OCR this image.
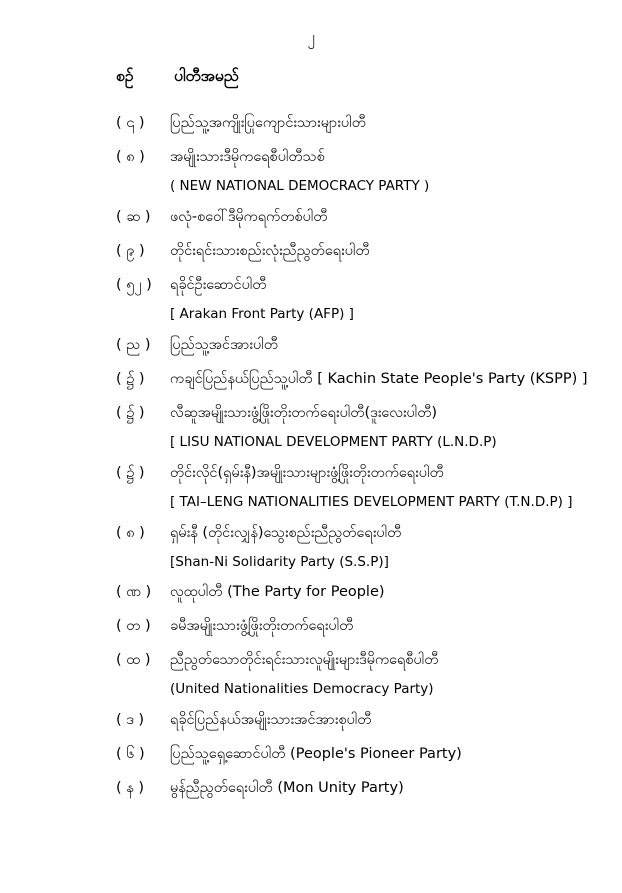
၂
စဉ်	ပါတီအမည်
( ၎ )	ပြည်သူ့အကျိုးပြုကျောင်းသားများပါတီ
( ၈ )	အမျိုးသားဒီမိုကရေစီပါတီသစ်
( NEW NATIONAL DEMOCRACY PARTY )
( ဆ )	ဖလုံ-စဝေါ်ဒီမိုကရက်တစ်ပါတီ
( ၉ )	တိုင်းရင်းသားစည်းလုံးညီညွတ်ရေးပါတီ
( ၅၂ )	ရခိုင်ဦးဆောင်ပါတီ
[ Arakan Front Party (AFP) ]
( ည )	ပြည်သူ့အင်အားပါတီ
( ၌ )	ကချင်ပြည်နယ်ပြည်သူ့ပါတီ [ Kachin State People's Party (KSPP) ]
( ၌ )	လီဆူအမျိုးသားဖွံ့ဖြိုးတိုးတက်ရေးပါတီ(ဒူးလေးပါတီ)
[ LISU NATIONAL DEVELOPMENT PARTY (L.N.D.P)
( ၌ )	တိုင်းလိုင်(ရှမ်းနီ)အမျိုးသားများဖွံ့ဖြိုးတိုးတက်ရေးပါတီ
[ TAI–LENG NATIONALITIES DEVELOPMENT PARTY (T.N.D.P) ]
( ၈ )	ရှမ်းနီ (တိုင်းလျှန်)သွေးစည်းညီညွတ်ရေးပါတီ
[Shan-Ni Solidarity Party (S.S.P)]
( ဏ )	လူထုပါတီ (The Party for People)
( တ )	ခမီအမျိုးသားဖွံ့ဖြိုးတိုးတက်ရေးပါတီ
( ထ )	ညီညွတ်သောတိုင်းရင်းသားလူမျိုးများဒီမိုကရေစီပါတီ
(United Nationalities Democracy Party)
( ဒ )	ရခိုင်ပြည်နယ်အမျိုးသားအင်အားစုပါတီ
( ၆ )	ပြည်သူ့ရှေ့ဆောင်ပါတီ (People's Pioneer Party)
( န )	မွန်ညီညွတ်ရေးပါတီ (Mon Unity Party)
